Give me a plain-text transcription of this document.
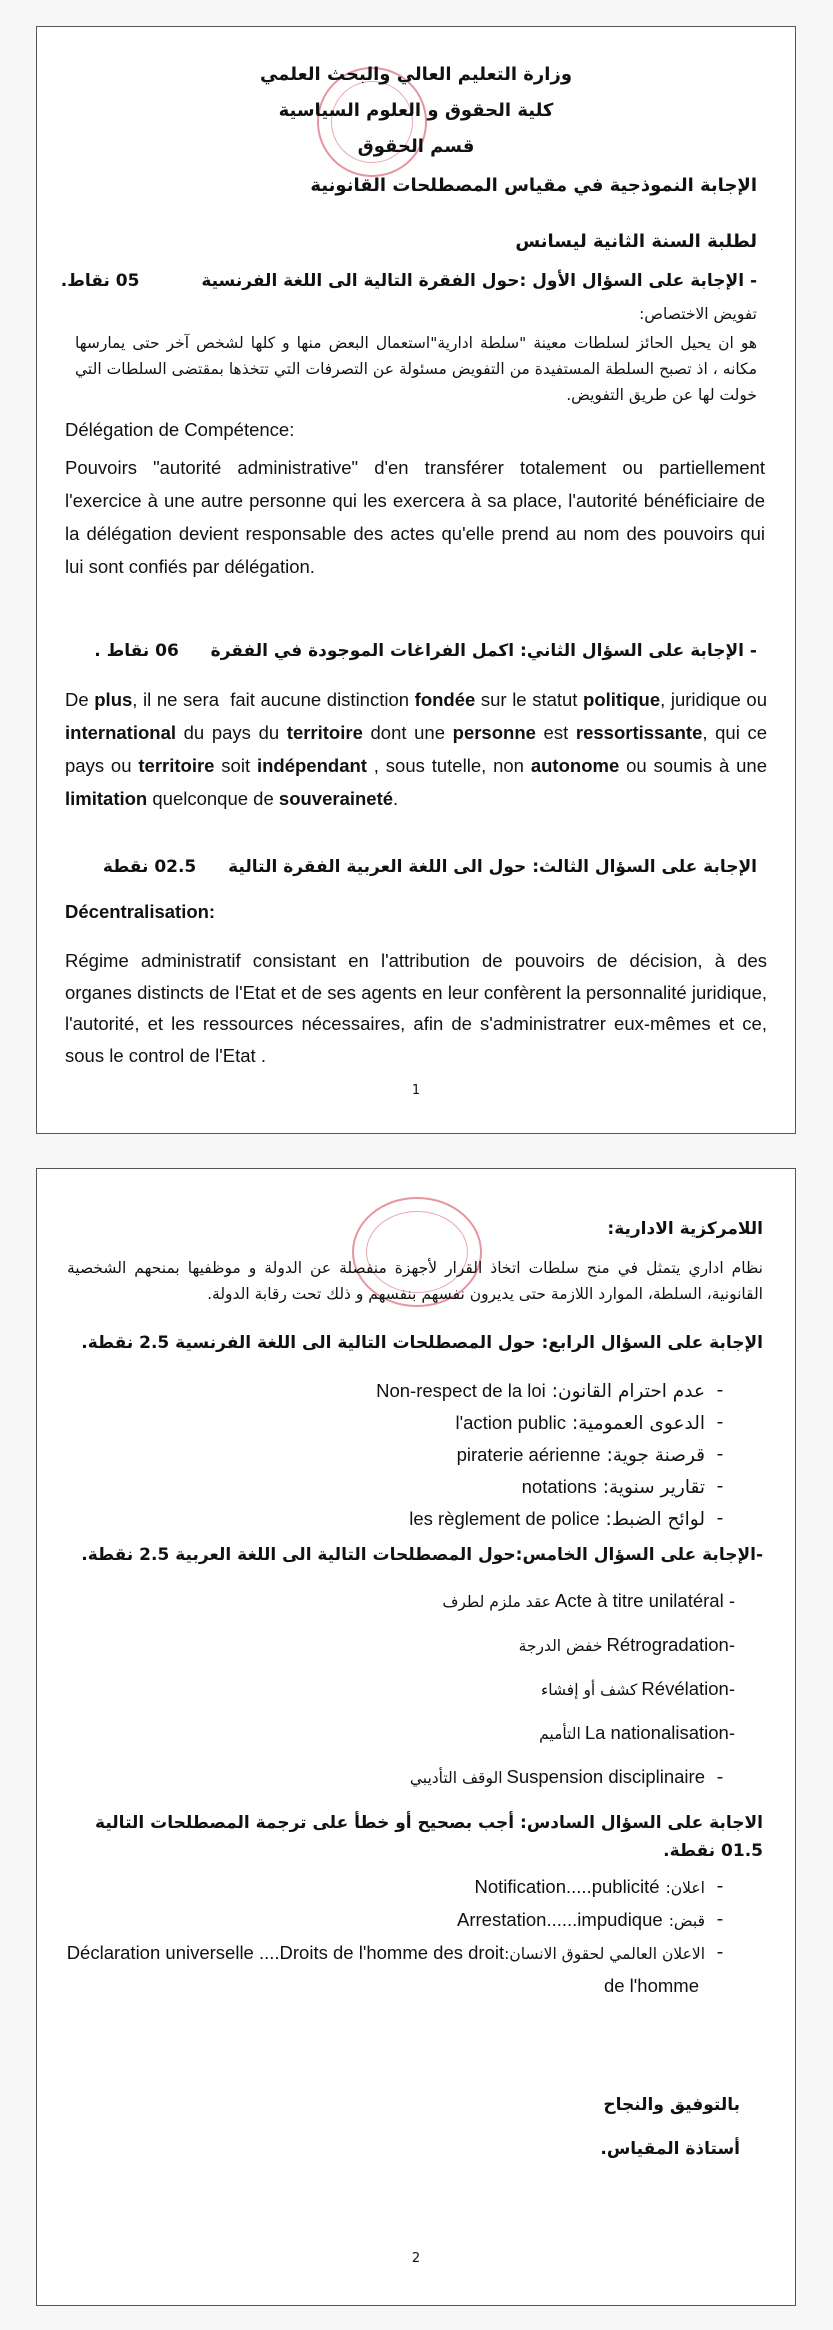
وزارة التعليم العالي والبحث العلمي
كلية الحقوق و العلوم السياسية
قسم الحقوق
الإجابة النموذجية في مقياس المصطلحات القانونية
لطلبة السنة الثانية ليسانس
- الإجابة على السؤال الأول :حول الفقرة التالية الى اللغة الفرنسية  05 نقاط.
تفويض الاختصاص:
هو ان يحيل الحائز لسلطات معينة "سلطة ادارية"استعمال البعض منها و كلها لشخص آخر حتى يمارسها مكانه ، اذ تصبح السلطة المستفيدة من التفويض مسئولة عن التصرفات التي تتخذها بمقتضى السلطات التي خولت لها عن طريق التفويض.
Délégation de Compétence:
Pouvoirs "autorité administrative" d'en transférer totalement ou partiellement l'exercice à une autre personne qui les exercera à sa place, l'autorité bénéficiaire de la délégation devient responsable des actes qu'elle prend au nom des pouvoirs qui lui sont confiés par délégation.
- الإجابة على السؤال الثاني: اكمل الفراغات الموجودة في الفقرة  06 نقاط .
De plus, il ne sera  fait aucune distinction fondée sur le statut politique, juridique ou international du pays du territoire dont une personne est ressortissante, qui ce pays ou territoire soit indépendant , sous tutelle, non autonome ou soumis à une limitation quelconque de souveraineté.
الإجابة على السؤال الثالث: حول الى اللغة العربية الفقرة التالية  02.5 نقطة
Décentralisation:
Régime administratif consistant en l'attribution de pouvoirs de décision, à des organes distincts de l'Etat et de ses agents en leur confèrent la personnalité juridique, l'autorité, et les ressources nécessaires, afin de s'administratrer eux-mêmes et ce, sous le control de l'Etat .
1
اللامركزية الادارية:
نظام اداري يتمثل في منح سلطات اتخاذ القرار لأجهزة منفصلة عن الدولة و موظفيها بمنحهم الشخصية القانونية، السلطة، الموارد اللازمة حتى يديرون نفسهم بنفسهم و ذلك تحت رقابة الدولة.
الإجابة على السؤال الرابع: حول المصطلحات التالية الى اللغة الفرنسية 2.5 نقطة.
-
عدم احترام القانون:Non-respect de la loi
-
الدعوى العمومية:l'action public
-
قرصنة جوية:piraterie aérienne
-
تقارير سنوية:notations
-
لوائح الضبط:les règlement de police
-الإجابة على السؤال الخامس:حول المصطلحات التالية الى اللغة العربية 2.5 نقطة.
Acte à titre unilatéral -عقد ملزم لطرف
Rétrogradation-خفض الدرجة
Révélation-كشف أو إفشاء
La nationalisation-التأميم
-Suspension disciplinaireالوقف التأديبي
الاجابة على السؤال السادس: أجب بصحيح أو خطأ على ترجمة المصطلحات التالية 01.5 نقطة.
-
اعلان:Notification.....publicité
-
قبض:Arrestation......impudique
-
الاعلان العالمي لحقوق الانسان:Déclaration universelle ....Droits de l'homme des droit de l'homme
بالتوفيق والنجاح
أستاذة المقياس.
2
